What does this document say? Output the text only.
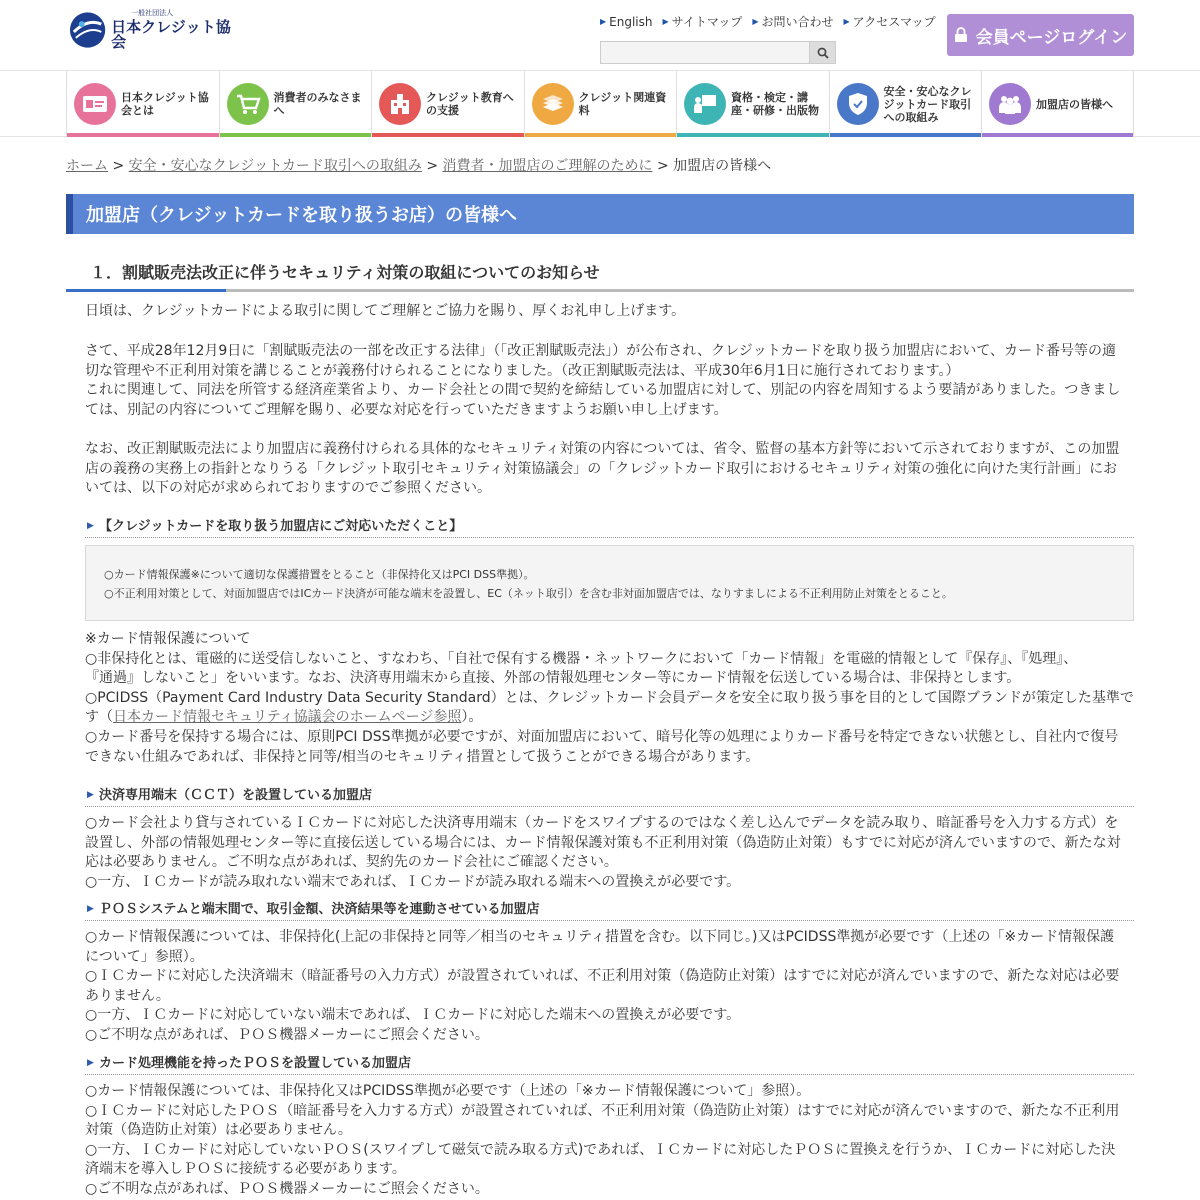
一般社団法人
日本クレジット協会
▶ English ▶ サイトマップ ▶ お問い合わせ ▶ アクセスマップ
会員ページログイン
日本クレジット協会とは
消費者のみなさまへ
クレジット教育への支援
クレジット関連資料
資格・検定・講座・研修・出版物
安全・安心なクレジットカード取引への取組み
加盟店の皆様へ
ホーム > 安全・安心なクレジットカード取引への取組み > 消費者・加盟店のご理解のために > 加盟店の皆様へ
加盟店（クレジットカードを取り扱うお店）の皆様へ
１．割賦販売法改正に伴うセキュリティ対策の取組についてのお知らせ
日頃は、クレジットカードによる取引に関してご理解とご協力を賜り、厚くお礼申し上げます。
さて、平成28年12月9日に「割賦販売法の一部を改正する法律」（「改正割賦販売法」）が公布され、クレジットカードを取り扱う加盟店において、カード番号等の適
切な管理や不正利用対策を講じることが義務付けられることになりました。（改正割賦販売法は、平成30年6月1日に施行されております。）
これに関連して、同法を所管する経済産業省より、カード会社との間で契約を締結している加盟店に対して、別記の内容を周知するよう要請がありました。つきまし
ては、別記の内容についてご理解を賜り、必要な対応を行っていただきますようお願い申し上げます。
なお、改正割賦販売法により加盟店に義務付けられる具体的なセキュリティ対策の内容については、省令、監督の基本方針等において示されておりますが、この加盟
店の義務の実務上の指針となりうる「クレジット取引セキュリティ対策協議会」の「クレジットカード取引におけるセキュリティ対策の強化に向けた実行計画」にお
いては、以下の対応が求められておりますのでご参照ください。
▶ 【クレジットカードを取り扱う加盟店にご対応いただくこと】
○カード情報保護※について適切な保護措置をとること（非保持化又はPCI DSS準拠）。
○不正利用対策として、対面加盟店ではICカード決済が可能な端末を設置し、EC（ネット取引）を含む非対面加盟店では、なりすましによる不正利用防止対策をとること。
※カード情報保護について
○非保持化とは、電磁的に送受信しないこと、すなわち、「自社で保有する機器・ネットワークにおいて「カード情報」を電磁的情報として『保存』、『処理』、
『通過』しないこと」をいいます。なお、決済専用端末から直接、外部の情報処理センター等にカード情報を伝送している場合は、非保持とします。
○PCIDSS（Payment Card Industry Data Security Standard）とは、クレジットカード会員データを安全に取り扱う事を目的として国際ブランドが策定した基準で
す（日本カード情報セキュリティ協議会のホームページ参照）。
○カード番号を保持する場合には、原則PCI DSS準拠が必要ですが、対面加盟店において、暗号化等の処理によりカード番号を特定できない状態とし、自社内で復号
できない仕組みであれば、非保持と同等/相当のセキュリティ措置として扱うことができる場合があります。
▶ 決済専用端末（ＣＣＴ）を設置している加盟店
○カード会社より貸与されているＩＣカードに対応した決済専用端末（カードをスワイプするのではなく差し込んでデータを読み取り、暗証番号を入力する方式）を
設置し、外部の情報処理センター等に直接伝送している場合には、カード情報保護対策も不正利用対策（偽造防止対策）もすでに対応が済んでいますので、新たな対
応は必要ありません。ご不明な点があれば、契約先のカード会社にご確認ください。
○一方、ＩＣカードが読み取れない端末であれば、ＩＣカードが読み取れる端末への置換えが必要です。
▶ ＰＯＳシステムと端末間で、取引金額、決済結果等を連動させている加盟店
○カード情報保護については、非保持化(上記の非保持と同等／相当のセキュリティ措置を含む。以下同じ。)又はPCIDSS準拠が必要です（上述の「※カード情報保護
について」参照）。
○ＩＣカードに対応した決済端末（暗証番号の入力方式）が設置されていれば、不正利用対策（偽造防止対策）はすでに対応が済んでいますので、新たな対応は必要
ありません。
○一方、ＩＣカードに対応していない端末であれば、ＩＣカードに対応した端末への置換えが必要です。
○ご不明な点があれば、ＰＯＳ機器メーカーにご照会ください。
▶ カード処理機能を持ったＰＯＳを設置している加盟店
○カード情報保護については、非保持化又はPCIDSS準拠が必要です（上述の「※カード情報保護について」参照）。
○ＩＣカードに対応したＰＯＳ（暗証番号を入力する方式）が設置されていれば、不正利用対策（偽造防止対策）はすでに対応が済んでいますので、新たな不正利用
対策（偽造防止対策）は必要ありません。
○一方、ＩＣカードに対応していないＰＯＳ(スワイプして磁気で読み取る方式)であれば、ＩＣカードに対応したＰＯＳに置換えを行うか、ＩＣカードに対応した決
済端末を導入しＰＯＳに接続する必要があります。
○ご不明な点があれば、ＰＯＳ機器メーカーにご照会ください。
